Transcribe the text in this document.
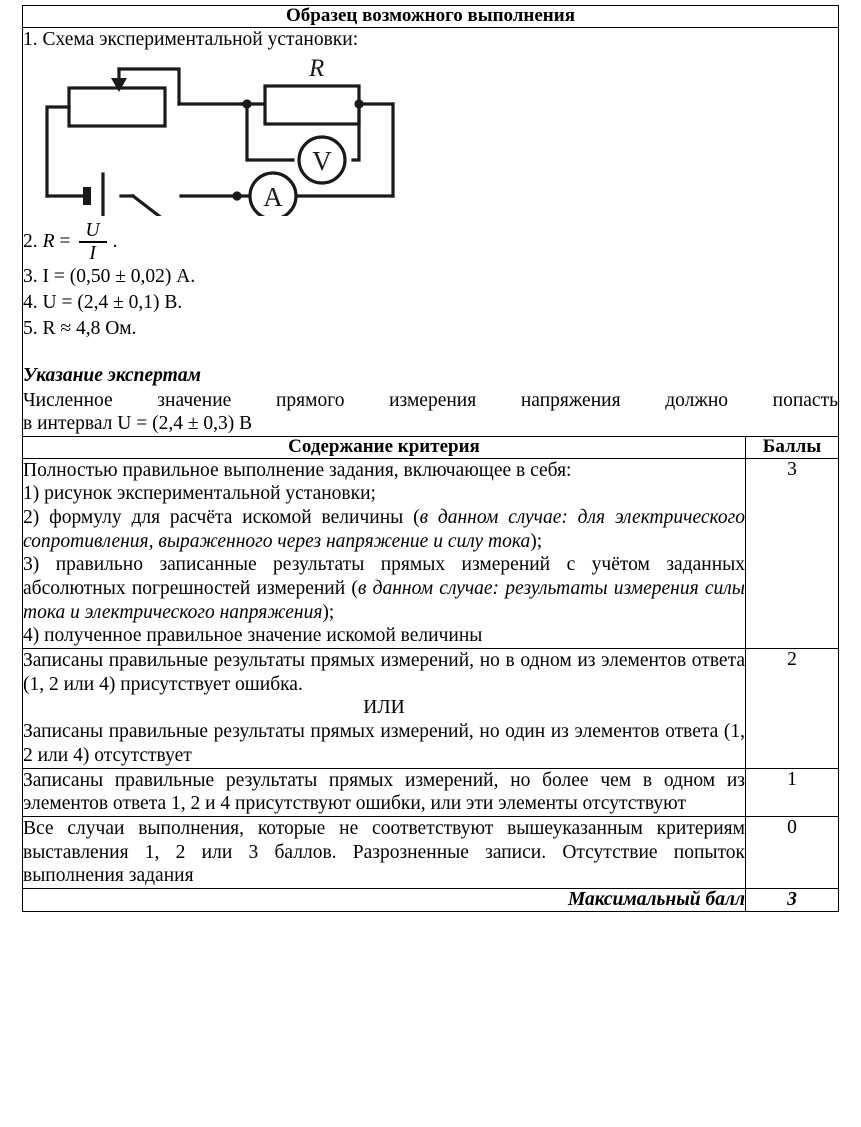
Образец возможного выполнения	

1. Схема экспериментальной установки:
R
V
A
2. $R = \frac{U}{I}$ .
3. I = (0,50 ± 0,02) А.
4. U = (2,4 ± 0,1) В.
5. R ≈ 4,8 Ом.
Указание экспертам
Численное значение прямого измерения напряжения должно попасть
в интервал U = (2,4 ± 0,3) В

Содержание критерия	Баллы

Полностью правильное выполнение задания, включающее в себя:

1) рисунок экспериментальной установки;

2) формулу для расчёта искомой величины (в данном случае: для электрического сопротивления, выраженного через напряжение и силу тока);

3) правильно записанные результаты прямых измерений с учётом заданных абсолютных погрешностей измерений (в данном случае: результаты измерения силы тока и электрического напряжения);

4) полученное правильное значение искомой величины	3

Записаны правильные результаты прямых измерений, но в одном из элементов ответа (1, 2 или 4) присутствует ошибка.

ИЛИ

Записаны правильные результаты прямых измерений, но один из элементов ответа (1, 2 или 4) отсутствует	2

Записаны правильные результаты прямых измерений, но более чем в одном из элементов ответа 1, 2 и 4 присутствуют ошибки, или эти элементы отсутствуют	1

Все случаи выполнения, которые не соответствуют вышеуказанным критериям выставления 1, 2 или 3 баллов. Разрозненные записи. Отсутствие попыток выполнения задания	0
Максимальный балл	3
